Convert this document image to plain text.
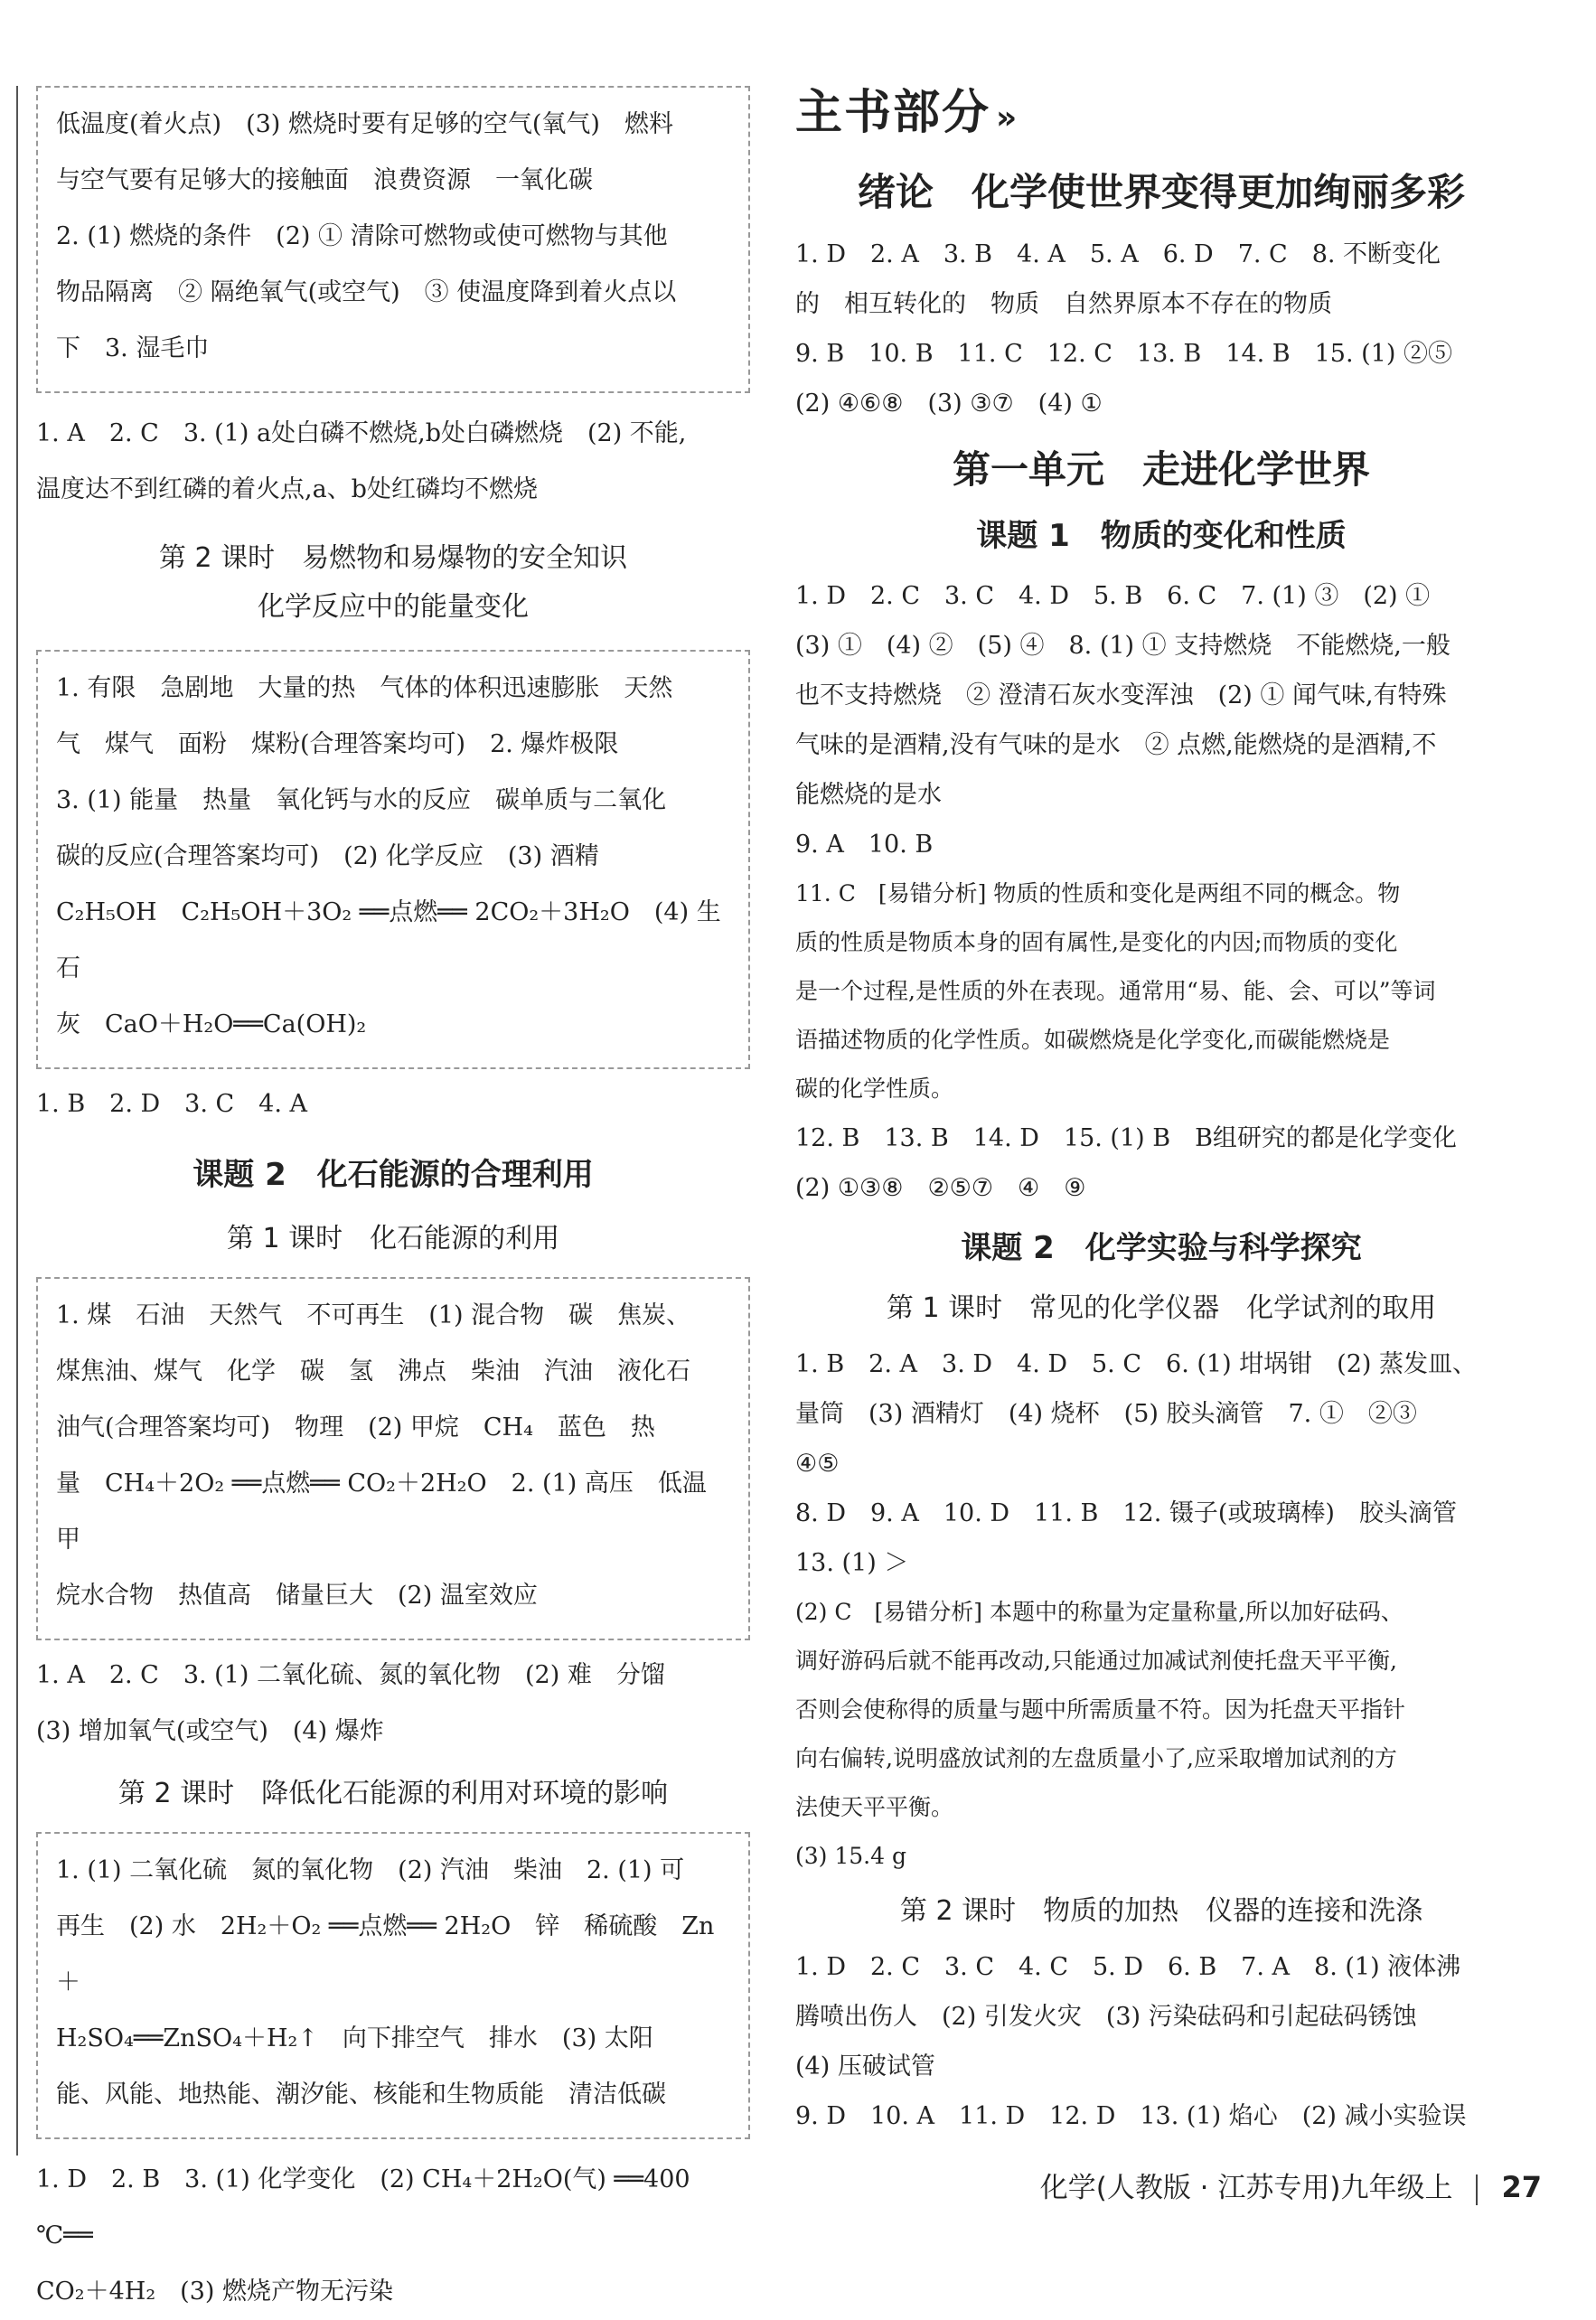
低温度(着火点)　(3) 燃烧时要有足够的空气(氧气)　燃料

与空气要有足够大的接触面　浪费资源　一氧化碳

2. (1) 燃烧的条件　(2) ① 清除可燃物或使可燃物与其他

物品隔离　② 隔绝氧气(或空气)　③ 使温度降到着火点以

下　3. 湿毛巾

1. A　2. C　3. (1) a处白磷不燃烧,b处白磷燃烧　(2) 不能,

温度达不到红磷的着火点,a、b处红磷均不燃烧

第 2 课时　易燃物和易爆物的安全知识

化学反应中的能量变化

1. 有限　急剧地　大量的热　气体的体积迅速膨胀　天然

气　煤气　面粉　煤粉(合理答案均可)　2. 爆炸极限

3. (1) 能量　热量　氧化钙与水的反应　碳单质与二氧化

碳的反应(合理答案均可)　(2) 化学反应　(3) 酒精

C₂H₅OH　C₂H₅OH＋3O₂ ══点燃══ 2CO₂＋3H₂O　(4) 生石

灰　CaO＋H₂O══Ca(OH)₂

1. B　2. D　3. C　4. A

课题 2　化石能源的合理利用

第 1 课时　化石能源的利用

1. 煤　石油　天然气　不可再生　(1) 混合物　碳　焦炭、

煤焦油、煤气　化学　碳　氢　沸点　柴油　汽油　液化石

油气(合理答案均可)　物理　(2) 甲烷　CH₄　蓝色　热

量　CH₄＋2O₂ ══点燃══ CO₂＋2H₂O　2. (1) 高压　低温　甲

烷水合物　热值高　储量巨大　(2) 温室效应

1. A　2. C　3. (1) 二氧化硫、氮的氧化物　(2) 难　分馏

(3) 增加氧气(或空气)　(4) 爆炸

第 2 课时　降低化石能源的利用对环境的影响

1. (1) 二氧化硫　氮的氧化物　(2) 汽油　柴油　2. (1) 可

再生　(2) 水　2H₂＋O₂ ══点燃══ 2H₂O　锌　稀硫酸　Zn＋

H₂SO₄══ZnSO₄＋H₂↑　向下排空气　排水　(3) 太阳

能、风能、地热能、潮汐能、核能和生物质能　清洁低碳

1. D　2. B　3. (1) 化学变化　(2) CH₄＋2H₂O(气) ══400 ℃══

CO₂＋4H₂　(3) 燃烧产物无污染

主书部分 »

绪论　化学使世界变得更加绚丽多彩

1. D　2. A　3. B　4. A　5. A　6. D　7. C　8. 不断变化

的　相互转化的　物质　自然界原本不存在的物质

9. B　10. B　11. C　12. C　13. B　14. B　15. (1) ②⑤

(2) ④⑥⑧　(3) ③⑦　(4) ①

第一单元　走进化学世界

课题 1　物质的变化和性质

1. D　2. C　3. C　4. D　5. B　6. C　7. (1) ③　(2) ①

(3) ①　(4) ②　(5) ④　8. (1) ① 支持燃烧　不能燃烧,一般

也不支持燃烧　② 澄清石灰水变浑浊　(2) ① 闻气味,有特殊

气味的是酒精,没有气味的是水　② 点燃,能燃烧的是酒精,不

能燃烧的是水

9. A　10. B

11. C　[易错分析] 物质的性质和变化是两组不同的概念。物

质的性质是物质本身的固有属性,是变化的内因;而物质的变化

是一个过程,是性质的外在表现。通常用“易、能、会、可以”等词

语描述物质的化学性质。如碳燃烧是化学变化,而碳能燃烧是

碳的化学性质。

12. B　13. B　14. D　15. (1) B　B组研究的都是化学变化

(2) ①③⑧　②⑤⑦　④　⑨

课题 2　化学实验与科学探究

第 1 课时　常见的化学仪器　化学试剂的取用

1. B　2. A　3. D　4. D　5. C　6. (1) 坩埚钳　(2) 蒸发皿、

量筒　(3) 酒精灯　(4) 烧杯　(5) 胶头滴管　7. ①　②③

④⑤

8. D　9. A　10. D　11. B　12. 镊子(或玻璃棒)　胶头滴管

13. (1) ＞

(2) C　[易错分析] 本题中的称量为定量称量,所以加好砝码、

调好游码后就不能再改动,只能通过加减试剂使托盘天平平衡,

否则会使称得的质量与题中所需质量不符。因为托盘天平指针

向右偏转,说明盛放试剂的左盘质量小了,应采取增加试剂的方

法使天平平衡。

(3) 15.4 g

第 2 课时　物质的加热　仪器的连接和洗涤

1. D　2. C　3. C　4. C　5. D　6. B　7. A　8. (1) 液体沸

腾喷出伤人　(2) 引发火灾　(3) 污染砝码和引起砝码锈蚀

(4) 压破试管

9. D　10. A　11. D　12. D　13. (1) 焰心　(2) 减小实验误

化学(人教版 · 江苏专用)九年级上 27
